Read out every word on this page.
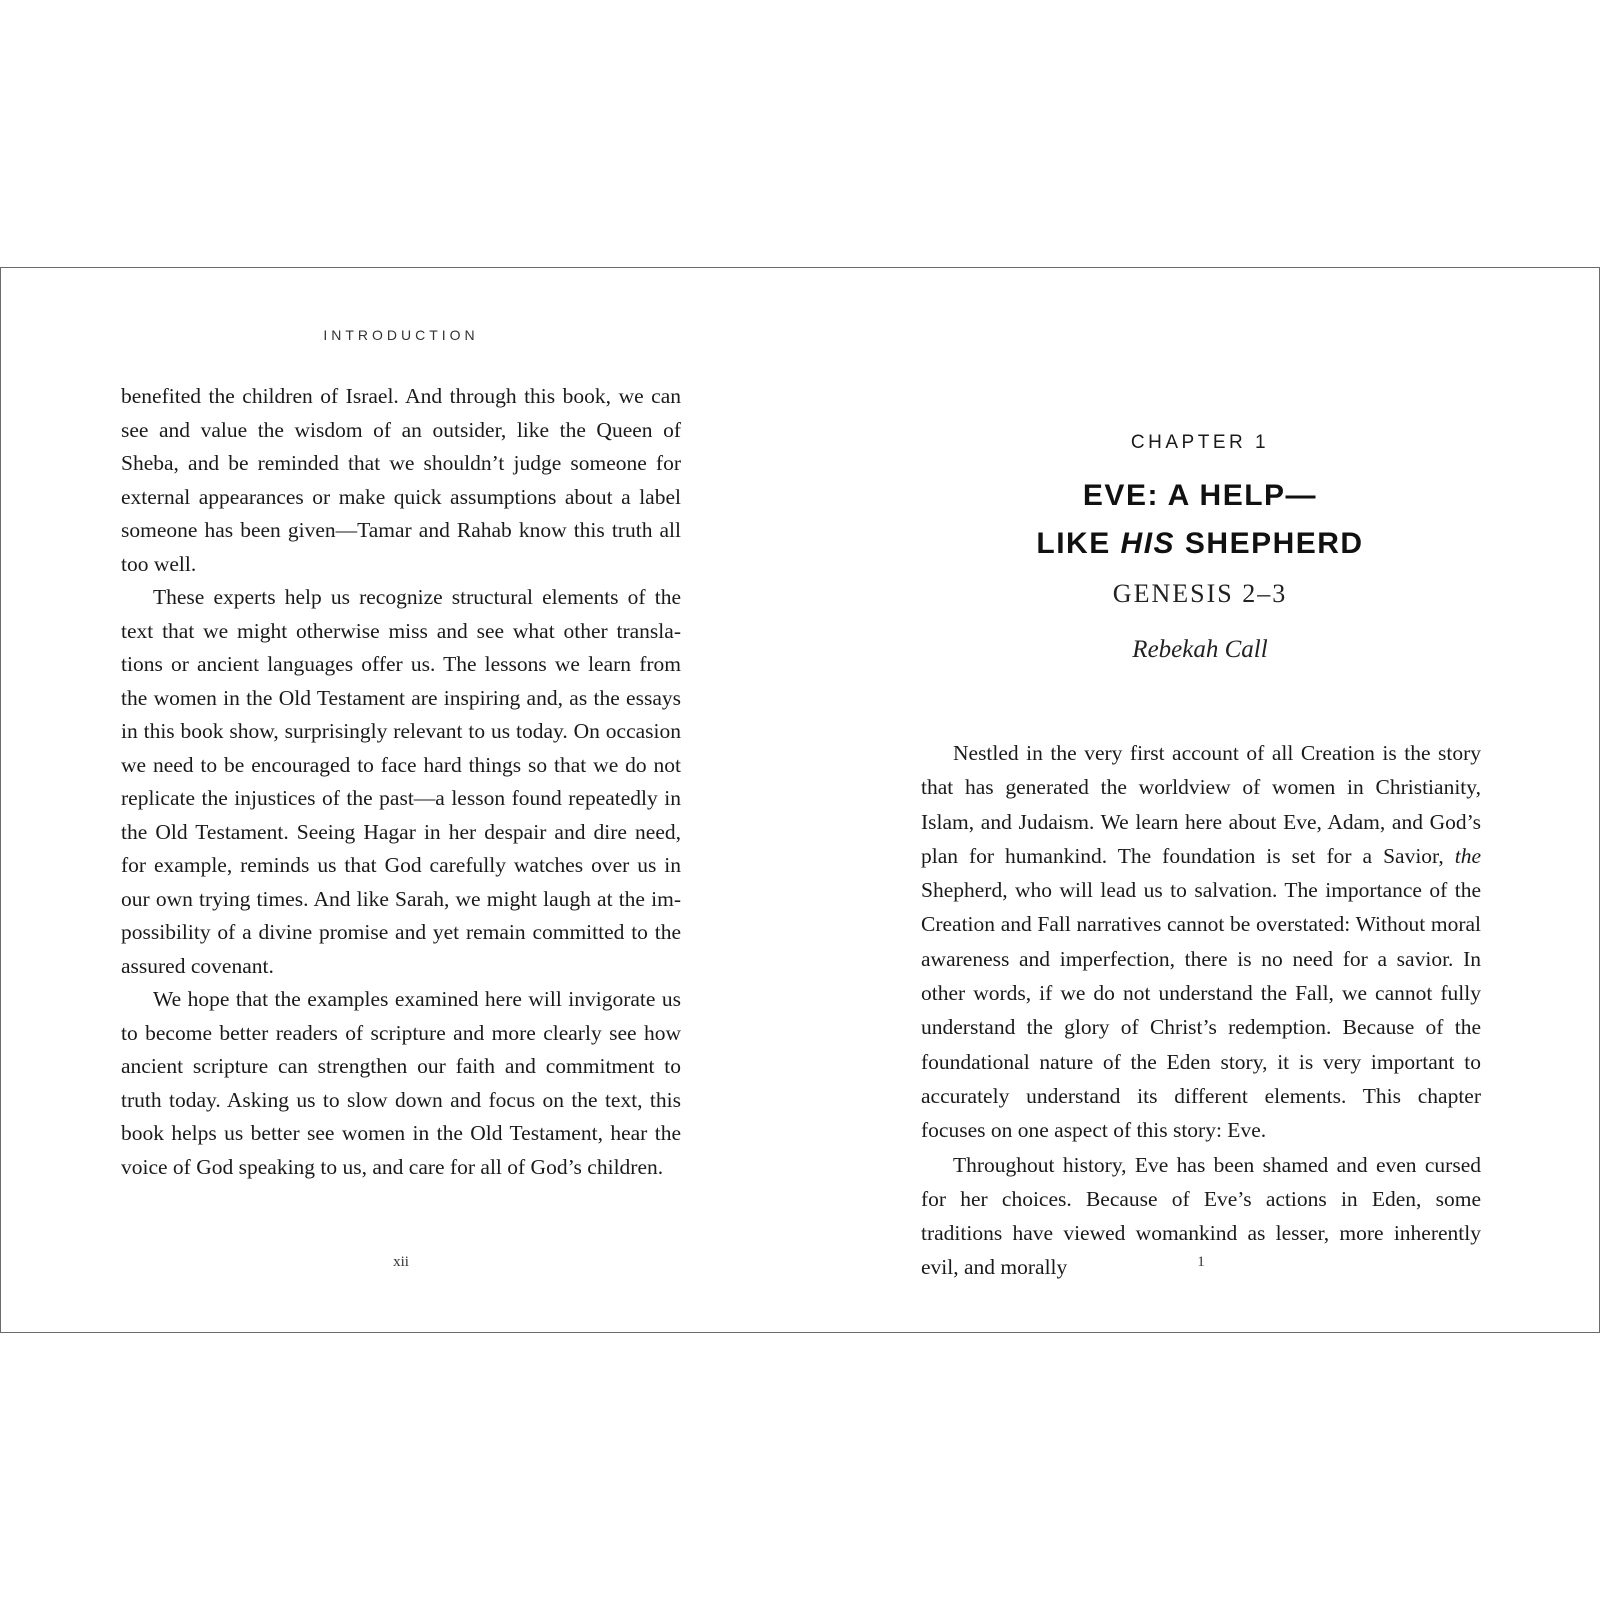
INTRODUCTION

benefited the children of Israel. And through this book, we can see and value the wisdom of an outsider, like the Queen of Sheba, and be reminded that we shouldn’t judge someone for external appearances or make quick assumptions about a label someone has been given—Tamar and Rahab know this truth all too well.

These experts help us recognize structural elements of the text that we might otherwise miss and see what other translations or ancient languages offer us. The lessons we learn from the women in the Old Testament are inspiring and, as the essays in this book show, surprisingly relevant to us today. On occasion we need to be encouraged to face hard things so that we do not replicate the injustices of the past—a lesson found repeatedly in the Old Testament. Seeing Hagar in her despair and dire need, for example, reminds us that God carefully watches over us in our own trying times. And like Sarah, we might laugh at the impossibility of a divine promise and yet remain committed to the assured covenant.

We hope that the examples examined here will invigorate us to become better readers of scripture and more clearly see how ancient scripture can strengthen our faith and commitment to truth today. Asking us to slow down and focus on the text, this book helps us better see women in the Old Testament, hear the voice of God speaking to us, and care for all of God’s children.

xii
CHAPTER 1
EVE: A HELP—
LIKE HIS SHEPHERD
GENESIS 2–3
Rebekah Call

Nestled in the very first account of all Creation is the story that has generated the worldview of women in Christianity, Islam, and Judaism. We learn here about Eve, Adam, and God’s plan for humankind. The foundation is set for a Savior, the Shepherd, who will lead us to salvation. The importance of the Creation and Fall narratives cannot be overstated: Without moral awareness and imperfection, there is no need for a savior. In other words, if we do not understand the Fall, we cannot fully understand the glory of Christ’s redemption. Because of the foundational nature of the Eden story, it is very important to accurately understand its different elements. This chapter focuses on one aspect of this story: Eve.

Throughout history, Eve has been shamed and even cursed for her choices. Because of Eve’s actions in Eden, some traditions have viewed womankind as lesser, more inherently evil, and morally	1
